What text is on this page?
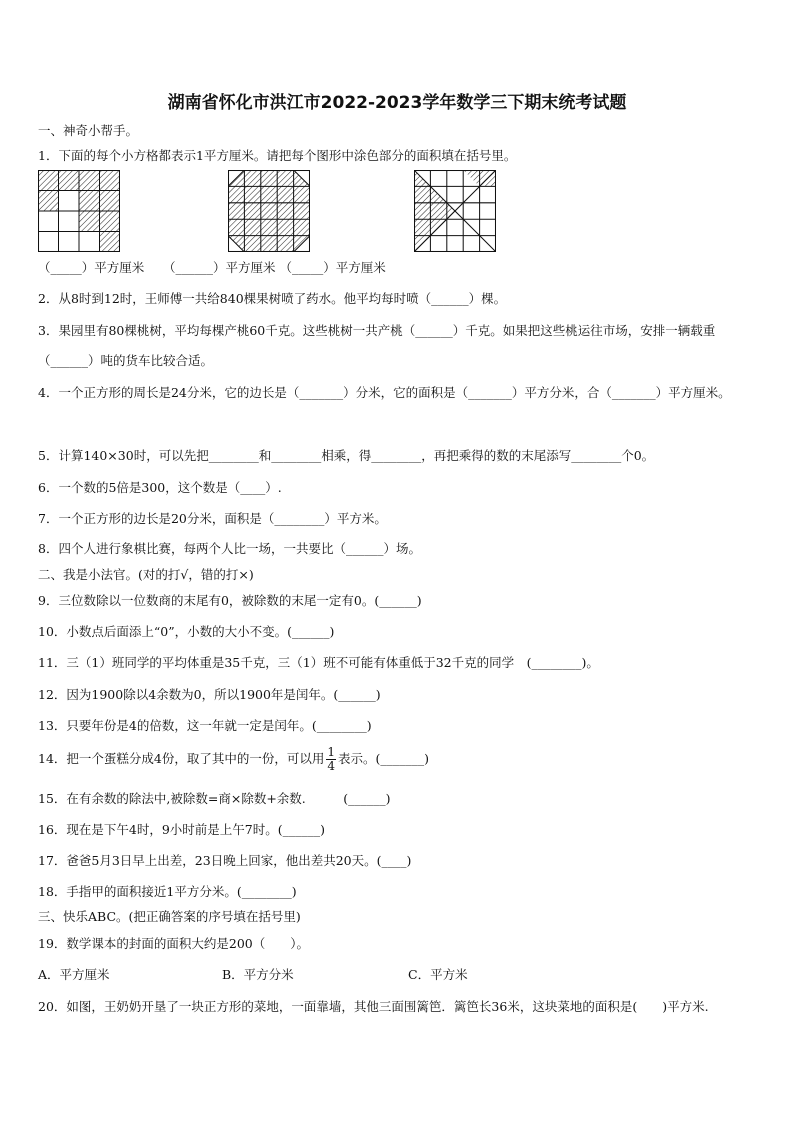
湖南省怀化市洪江市2022-2023学年数学三下期末统考试题
一、神奇小帮手。
1．下面的每个小方格都表示1平方厘米。请把每个图形中涂色部分的面积填在括号里。
（_____）平方厘米　　（______）平方厘米 （_____）平方厘米
2．从8时到12时，王师傅一共给840棵果树喷了药水。他平均每时喷（______）棵。
3．果园里有80棵桃树，平均每棵产桃60千克。这些桃树一共产桃（______）千克。如果把这些桃运往市场，安排一辆载重（______）吨的货车比较合适。
4．一个正方形的周长是24分米，它的边长是（_______）分米，它的面积是（_______）平方分米，合（_______）平方厘米。
5．计算140×30时，可以先把________和________相乘，得________，再把乘得的数的末尾添写________个0。
6．一个数的5倍是300，这个数是（____）.
7．一个正方形的边长是20分米，面积是（________）平方米。
8．四个人进行象棋比赛，每两个人比一场，一共要比（______）场。
二、我是小法官。(对的打√，错的打×)
9．三位数除以一位数商的末尾有0，被除数的末尾一定有0。(______)
10．小数点后面添上“0”，小数的大小不变。(______)
11．三（1）班同学的平均体重是35千克，三（1）班不可能有体重低于32千克的同学　(________)。
12．因为1900除以4余数为0，所以1900年是闰年。(______)
13．只要年份是4的倍数，这一年就一定是闰年。(________)
14．把一个蛋糕分成4份，取了其中的一份，可以用 $\frac{1}{4}$ 表示。(_______)
15．在有余数的除法中,被除数=商×除数+余数.　　　(______)
16．现在是下午4时，9小时前是上午7时。(______)
17．爸爸5月3日早上出差，23日晚上回家，他出差共20天。(____)
18．手指甲的面积接近1平方分米。(________)
三、快乐ABC。(把正确答案的序号填在括号里)
19．数学课本的封面的面积大约是200（　　）。
A．平方厘米	B．平方分米	C．平方米
20．如图，王奶奶开垦了一块正方形的菜地，一面靠墙，其他三面围篱笆．篱笆长36米，这块菜地的面积是(　　)平方米.
